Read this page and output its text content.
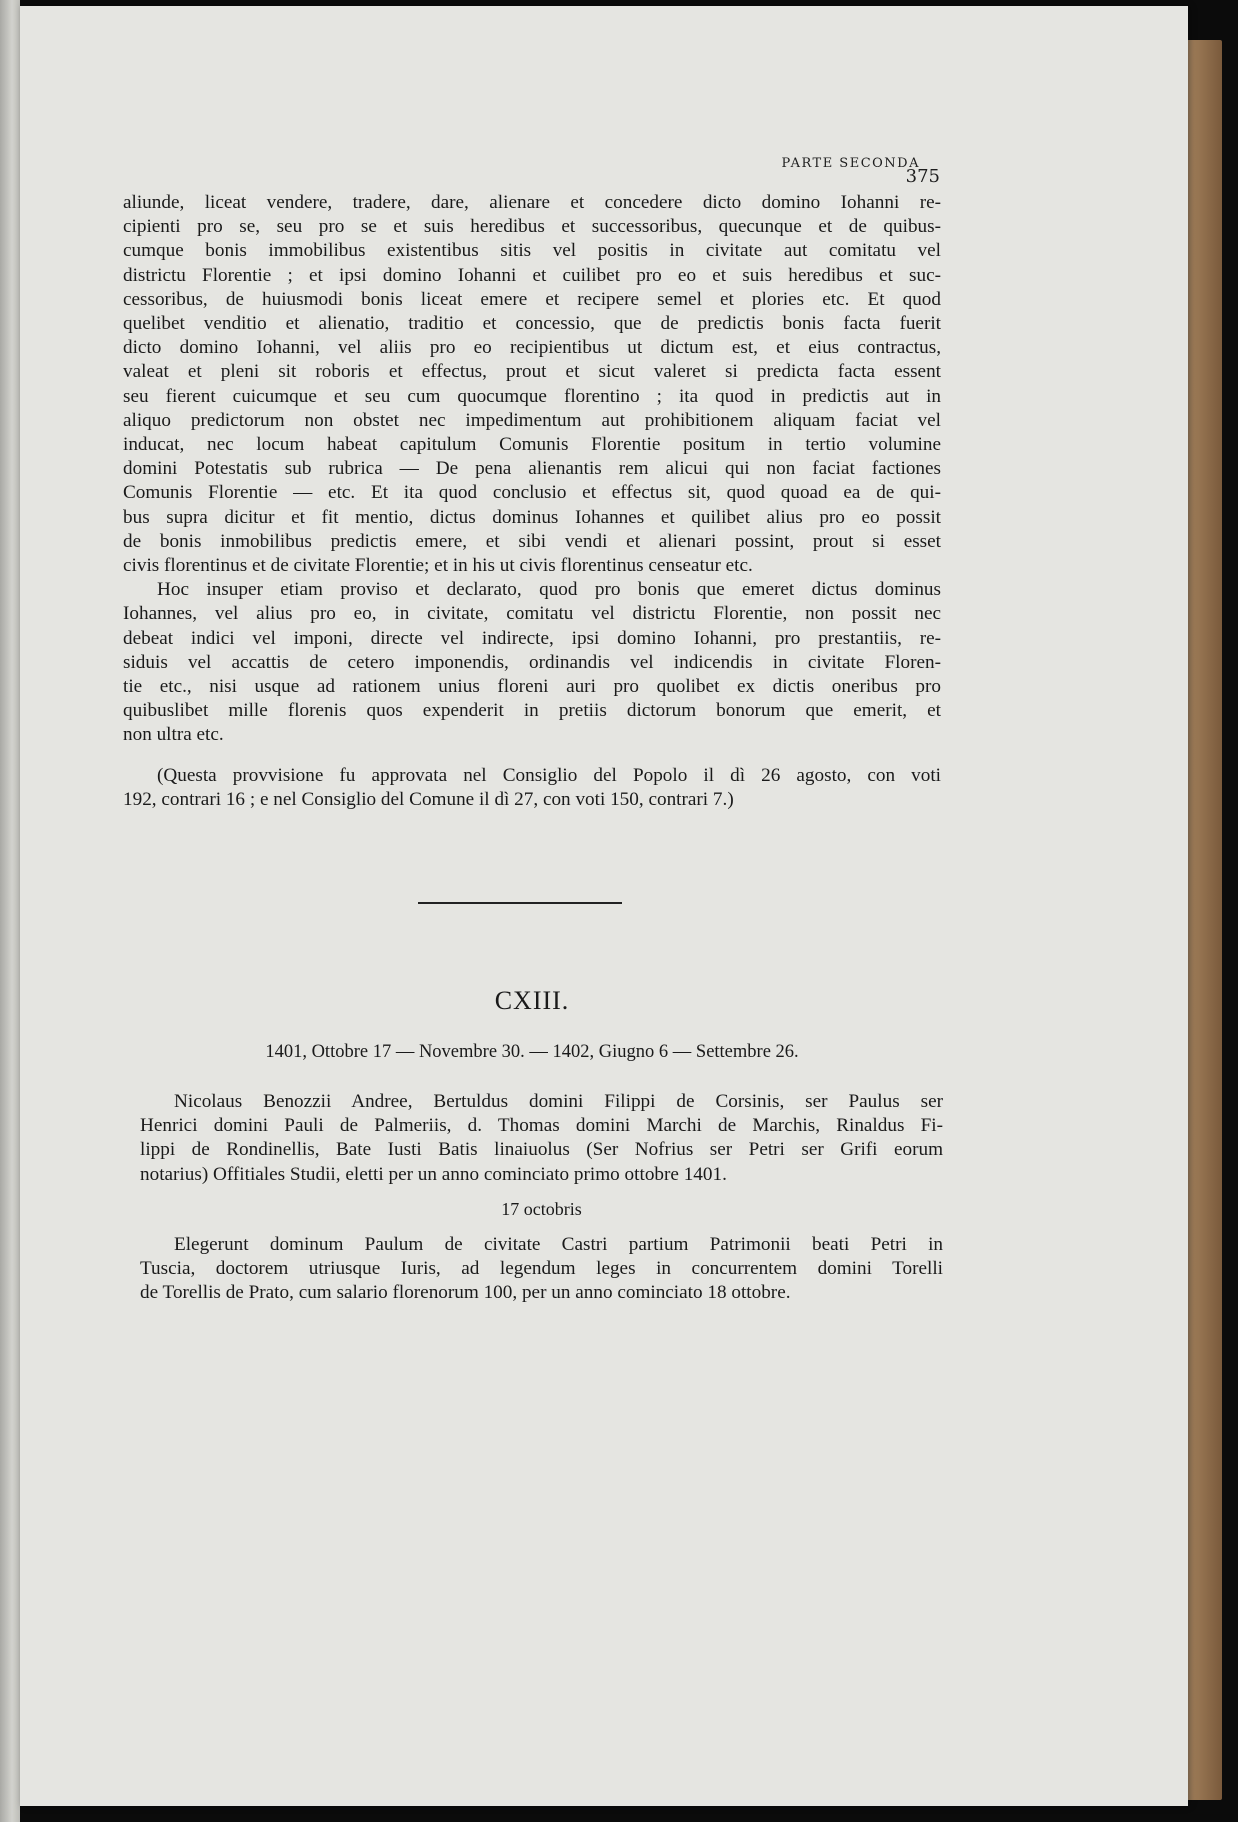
PARTE SECONDA
375
aliunde, liceat vendere, tradere, dare, alienare et concedere dicto domino Iohanni re-
cipienti pro se, seu pro se et suis heredibus et successoribus, quecunque et de quibus-
cumque bonis immobilibus existentibus sitis vel positis in civitate aut comitatu vel
districtu Florentie ; et ipsi domino Iohanni et cuilibet pro eo et suis heredibus et suc-
cessoribus, de huiusmodi bonis liceat emere et recipere semel et plories etc. Et quod
quelibet venditio et alienatio, traditio et concessio, que de predictis bonis facta fuerit
dicto domino Iohanni, vel aliis pro eo recipientibus ut dictum est, et eius contractus,
valeat et pleni sit roboris et effectus, prout et sicut valeret si predicta facta essent
seu fierent cuicumque et seu cum quocumque florentino ; ita quod in predictis aut in
aliquo predictorum non obstet nec impedimentum aut prohibitionem aliquam faciat vel
inducat, nec locum habeat capitulum Comunis Florentie positum in tertio volumine
domini Potestatis sub rubrica — De pena alienantis rem alicui qui non faciat factiones
Comunis Florentie — etc. Et ita quod conclusio et effectus sit, quod quoad ea de qui-
bus supra dicitur et fit mentio, dictus dominus Iohannes et quilibet alius pro eo possit
de bonis inmobilibus predictis emere, et sibi vendi et alienari possint, prout si esset
civis florentinus et de civitate Florentie; et in his ut civis florentinus censeatur etc.
Hoc insuper etiam proviso et declarato, quod pro bonis que emeret dictus dominus
Iohannes, vel alius pro eo, in civitate, comitatu vel districtu Florentie, non possit nec
debeat indici vel imponi, directe vel indirecte, ipsi domino Iohanni, pro prestantiis, re-
siduis vel accattis de cetero imponendis, ordinandis vel indicendis in civitate Floren-
tie etc., nisi usque ad rationem unius floreni auri pro quolibet ex dictis oneribus pro
quibuslibet mille florenis quos expenderit in pretiis dictorum bonorum que emerit, et
non ultra etc.
(Questa provvisione fu approvata nel Consiglio del Popolo il dì 26 agosto, con voti
192, contrari 16 ; e nel Consiglio del Comune il dì 27, con voti 150, contrari 7.)
CXIII.
1401, Ottobre 17 — Novembre 30. — 1402, Giugno 6 — Settembre 26.
Nicolaus Benozzii Andree, Bertuldus domini Filippi de Corsinis, ser Paulus ser
Henrici domini Pauli de Palmeriis, d. Thomas domini Marchi de Marchis, Rinaldus Fi-
lippi de Rondinellis, Bate Iusti Batis linaiuolus (Ser Nofrius ser Petri ser Grifi eorum
notarius) Offitiales Studii, eletti per un anno cominciato primo ottobre 1401.
17 octobris
Elegerunt dominum Paulum de civitate Castri partium Patrimonii beati Petri in
Tuscia, doctorem utriusque Iuris, ad legendum leges in concurrentem domini Torelli
de Torellis de Prato, cum salario florenorum 100, per un anno cominciato 18 ottobre.
